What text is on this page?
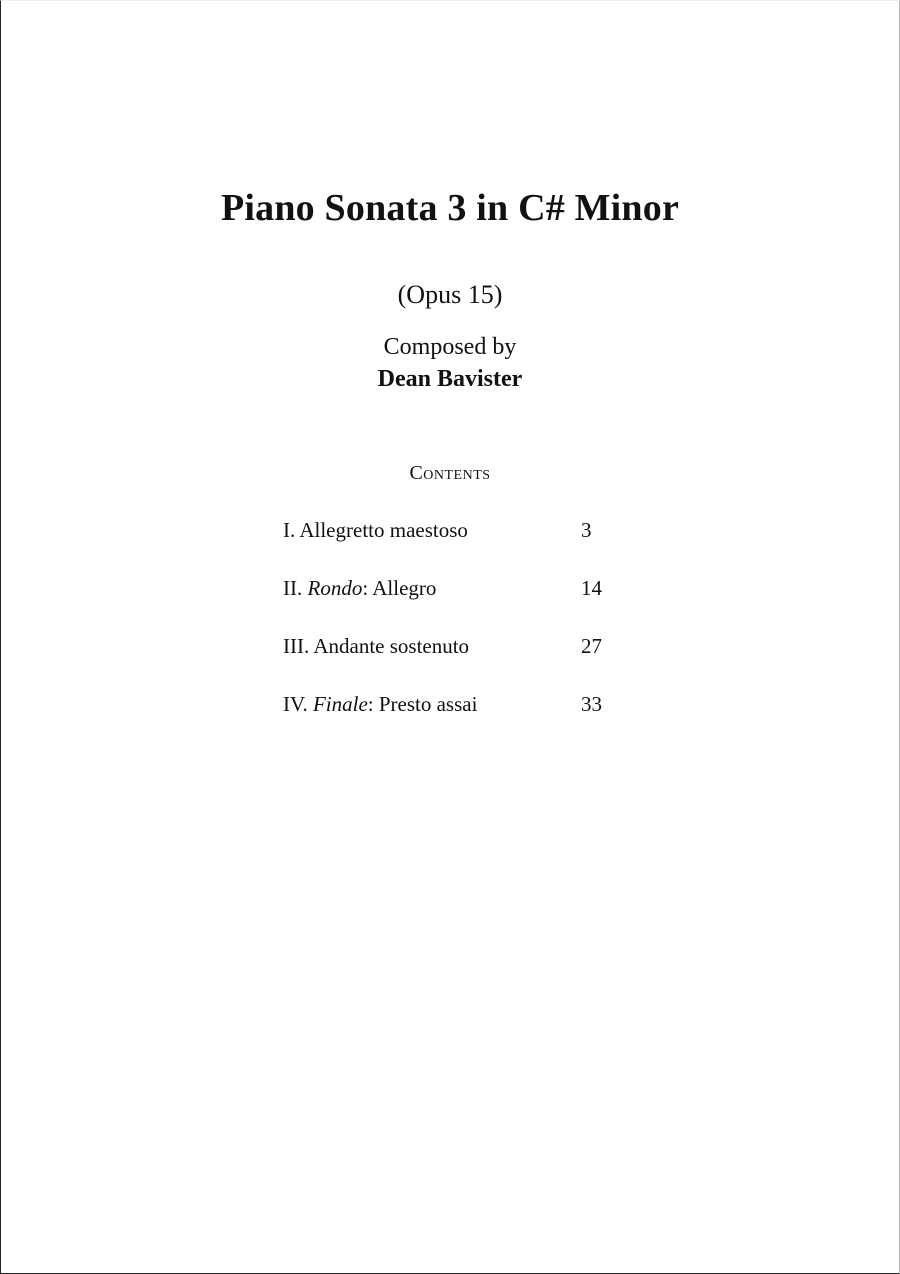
Piano Sonata 3 in C# Minor
(Opus 15)
Composed by
Dean Bavister
Contents
I. Allegretto maestoso	3
II. Rondo: Allegro	14
III. Andante sostenuto	27
IV. Finale: Presto assai	33
